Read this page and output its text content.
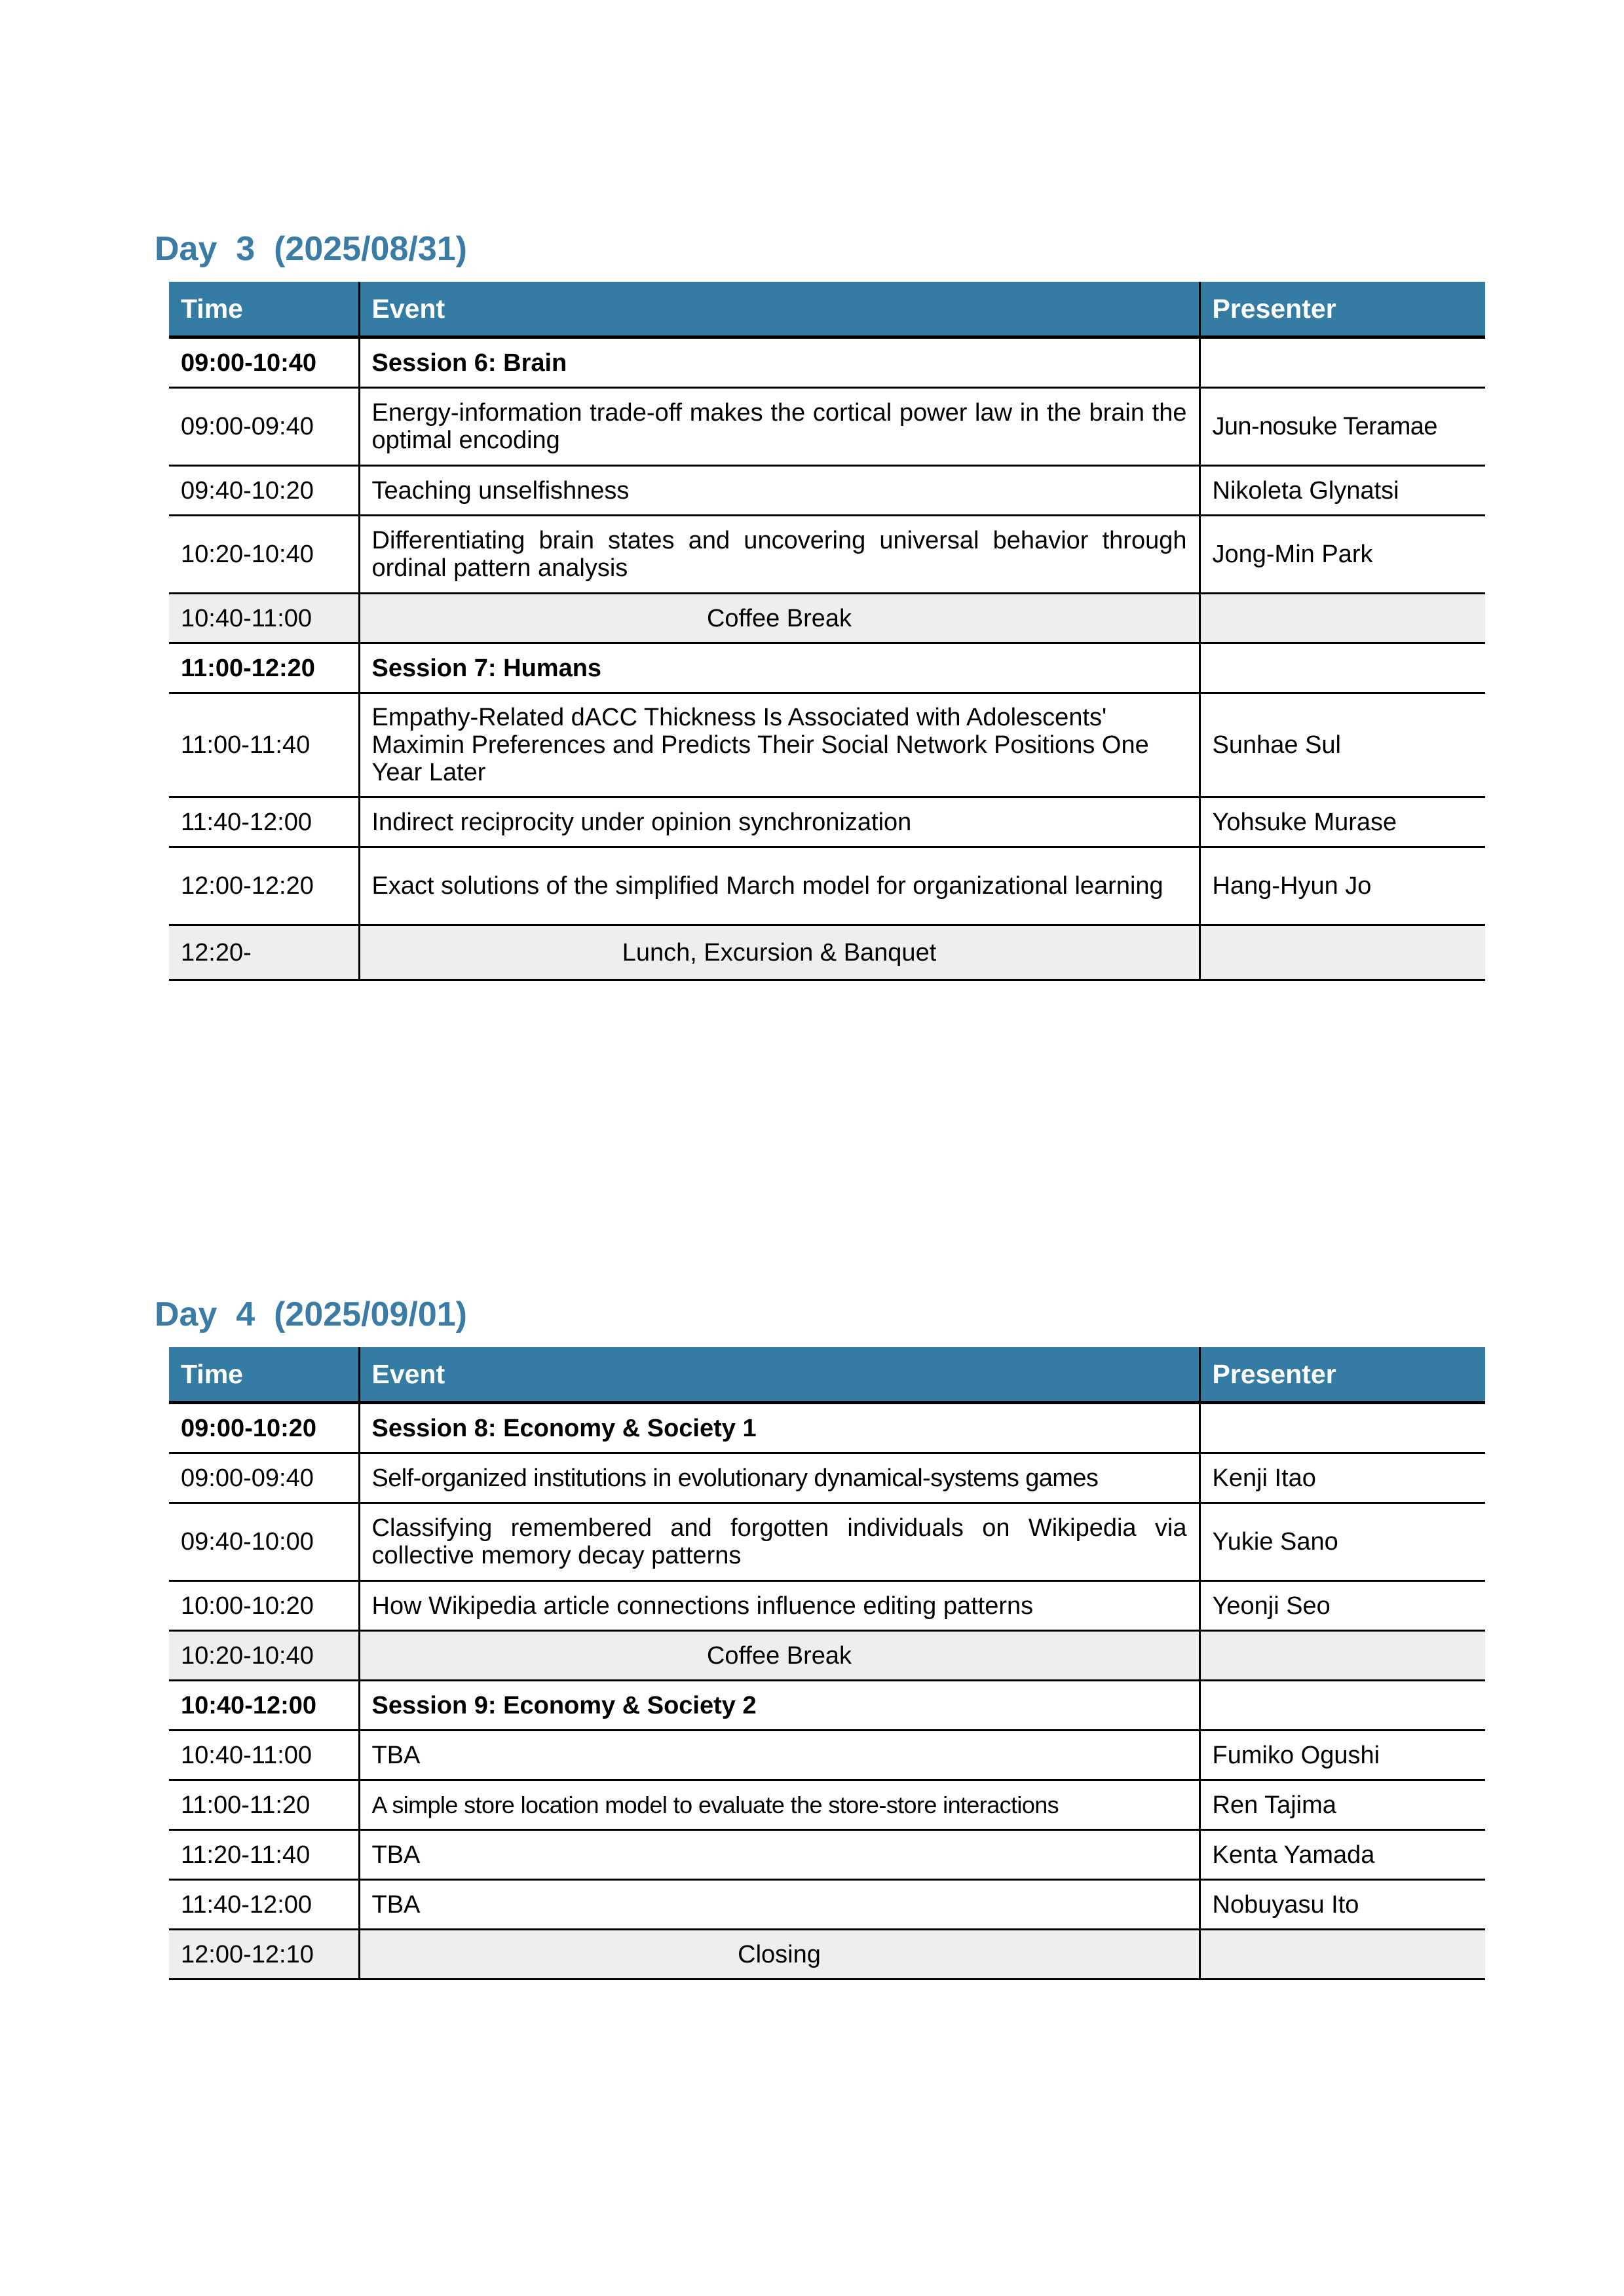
Day  3  (2025/08/31)
Time	Event	Presenter
09:00-10:40	Session 6: Brain	
09:00-09:40	Energy-information trade-off makes the cortical power law in the brain the optimal encoding	Jun-nosuke Teramae
09:40-10:20	Teaching unselfishness	Nikoleta Glynatsi
10:20-10:40	Differentiating brain states and uncovering universal behavior through ordinal pattern analysis	Jong-Min Park
10:40-11:00	Coffee Break	
11:00-12:20	Session 7: Humans	
11:00-11:40	Empathy-Related dACC Thickness Is Associated with Adolescents' Maximin Preferences and Predicts Their Social Network Positions One Year Later	Sunhae Sul
11:40-12:00	Indirect reciprocity under opinion synchronization	Yohsuke Murase
12:00-12:20	Exact solutions of the simplified March model for organizational learning	Hang-Hyun Jo
12:20-	Lunch, Excursion & Banquet	
Day  4  (2025/09/01)
Time	Event	Presenter
09:00-10:20	Session 8: Economy & Society 1	
09:00-09:40	Self-organized institutions in evolutionary dynamical-systems games	Kenji Itao
09:40-10:00	Classifying remembered and forgotten individuals on Wikipedia via collective memory decay patterns	Yukie Sano
10:00-10:20	How Wikipedia article connections influence editing patterns	Yeonji Seo
10:20-10:40	Coffee Break	
10:40-12:00	Session 9: Economy & Society 2	
10:40-11:00	TBA	Fumiko Ogushi
11:00-11:20	A simple store location model to evaluate the store-store interactions	Ren Tajima
11:20-11:40	TBA	Kenta Yamada
11:40-12:00	TBA	Nobuyasu Ito
12:00-12:10	Closing	
